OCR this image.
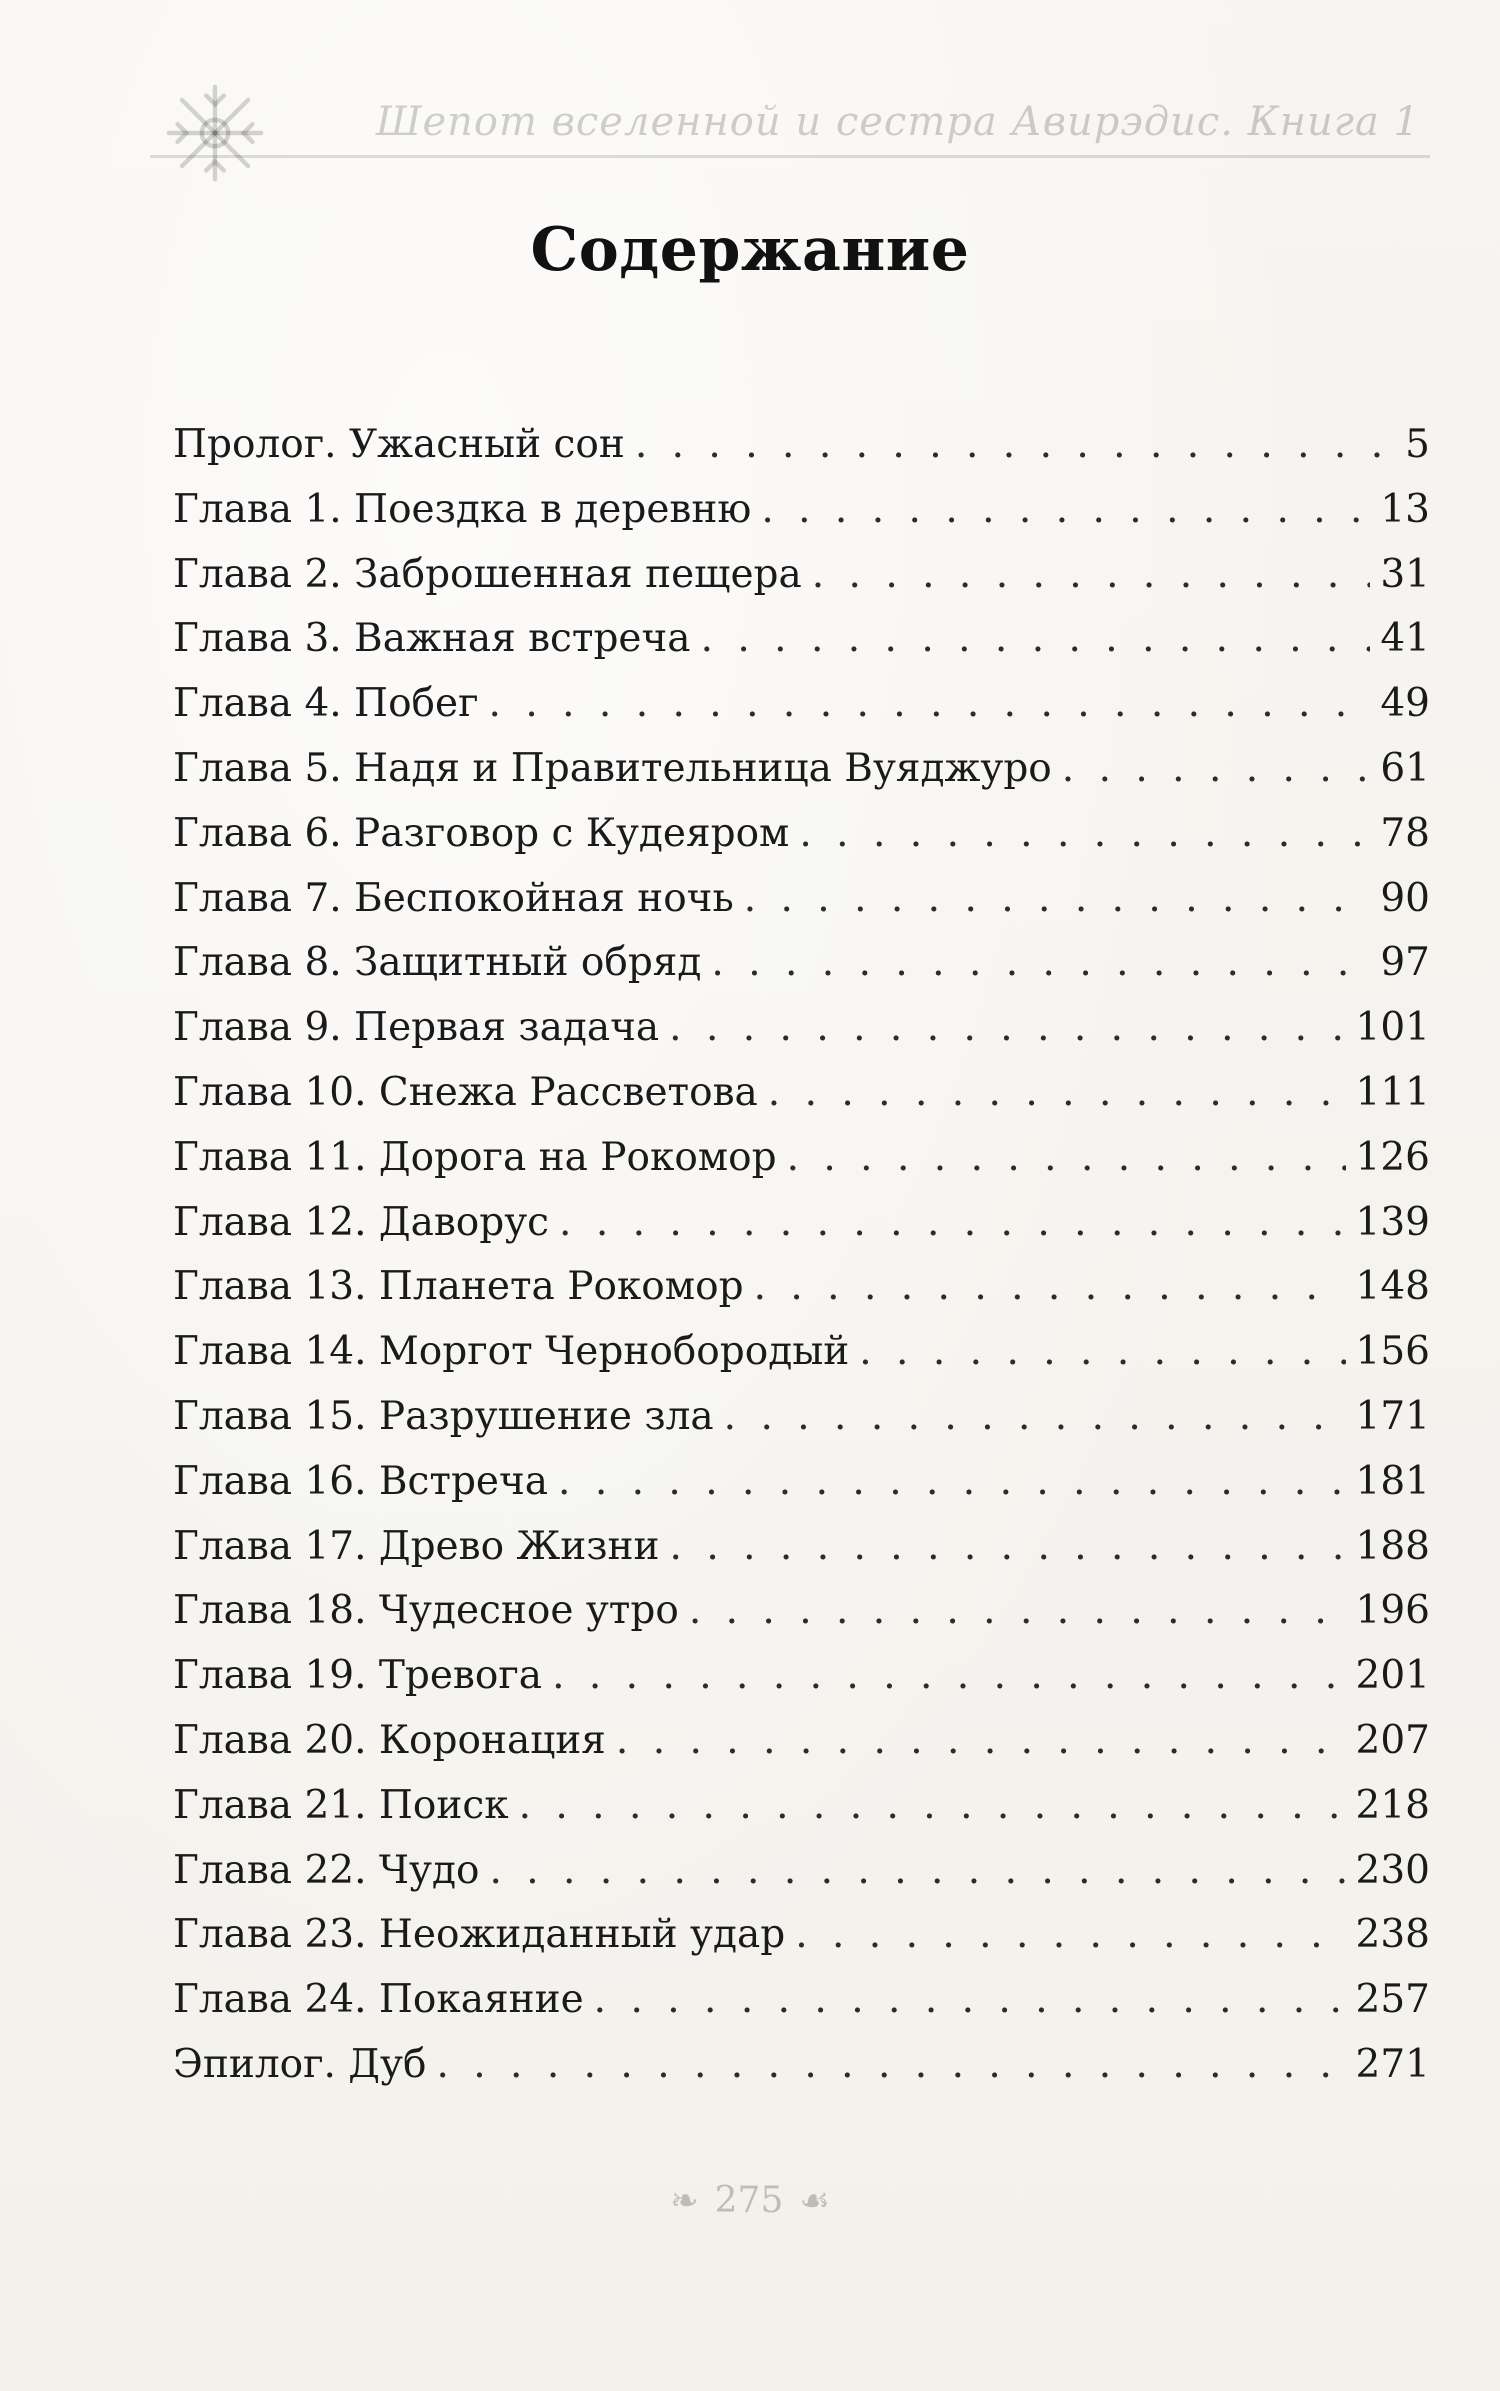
Шепот вселенной и сестра Авирэдис. Книга 1
Содержание
Пролог. Ужасный сон . . .	5
Глава 1. Поездка в деревню . . .	13
Глава 2. Заброшенная пещера . . .	31
Глава 3. Важная встреча . . .	41
Глава 4. Побег . . .	49
Глава 5. Надя и Правительница Вуяджуро . . .	61
Глава 6. Разговор с Кудеяром . . .	78
Глава 7. Беспокойная ночь . . .	90
Глава 8. Защитный обряд . . .	97
Глава 9. Первая задача . . .	101
Глава 10. Снежа Рассветова . . .	111
Глава 11. Дорога на Рокомор . . .	126
Глава 12. Даворус . . .	139
Глава 13. Планета Рокомор . . .	148
Глава 14. Моргот Чернобородый . . .	156
Глава 15. Разрушение зла . . .	171
Глава 16. Встреча . . .	181
Глава 17. Древо Жизни . . .	188
Глава 18. Чудесное утро . . .	196
Глава 19. Тревога . . .	201
Глава 20. Коронация . . .	207
Глава 21. Поиск . . .	218
Глава 22. Чудо . . .	230
Глава 23. Неожиданный удар . . .	238
Глава 24. Покаяние . . .	257
Эпилог. Дуб . . .	271
❧ 275 ☙
